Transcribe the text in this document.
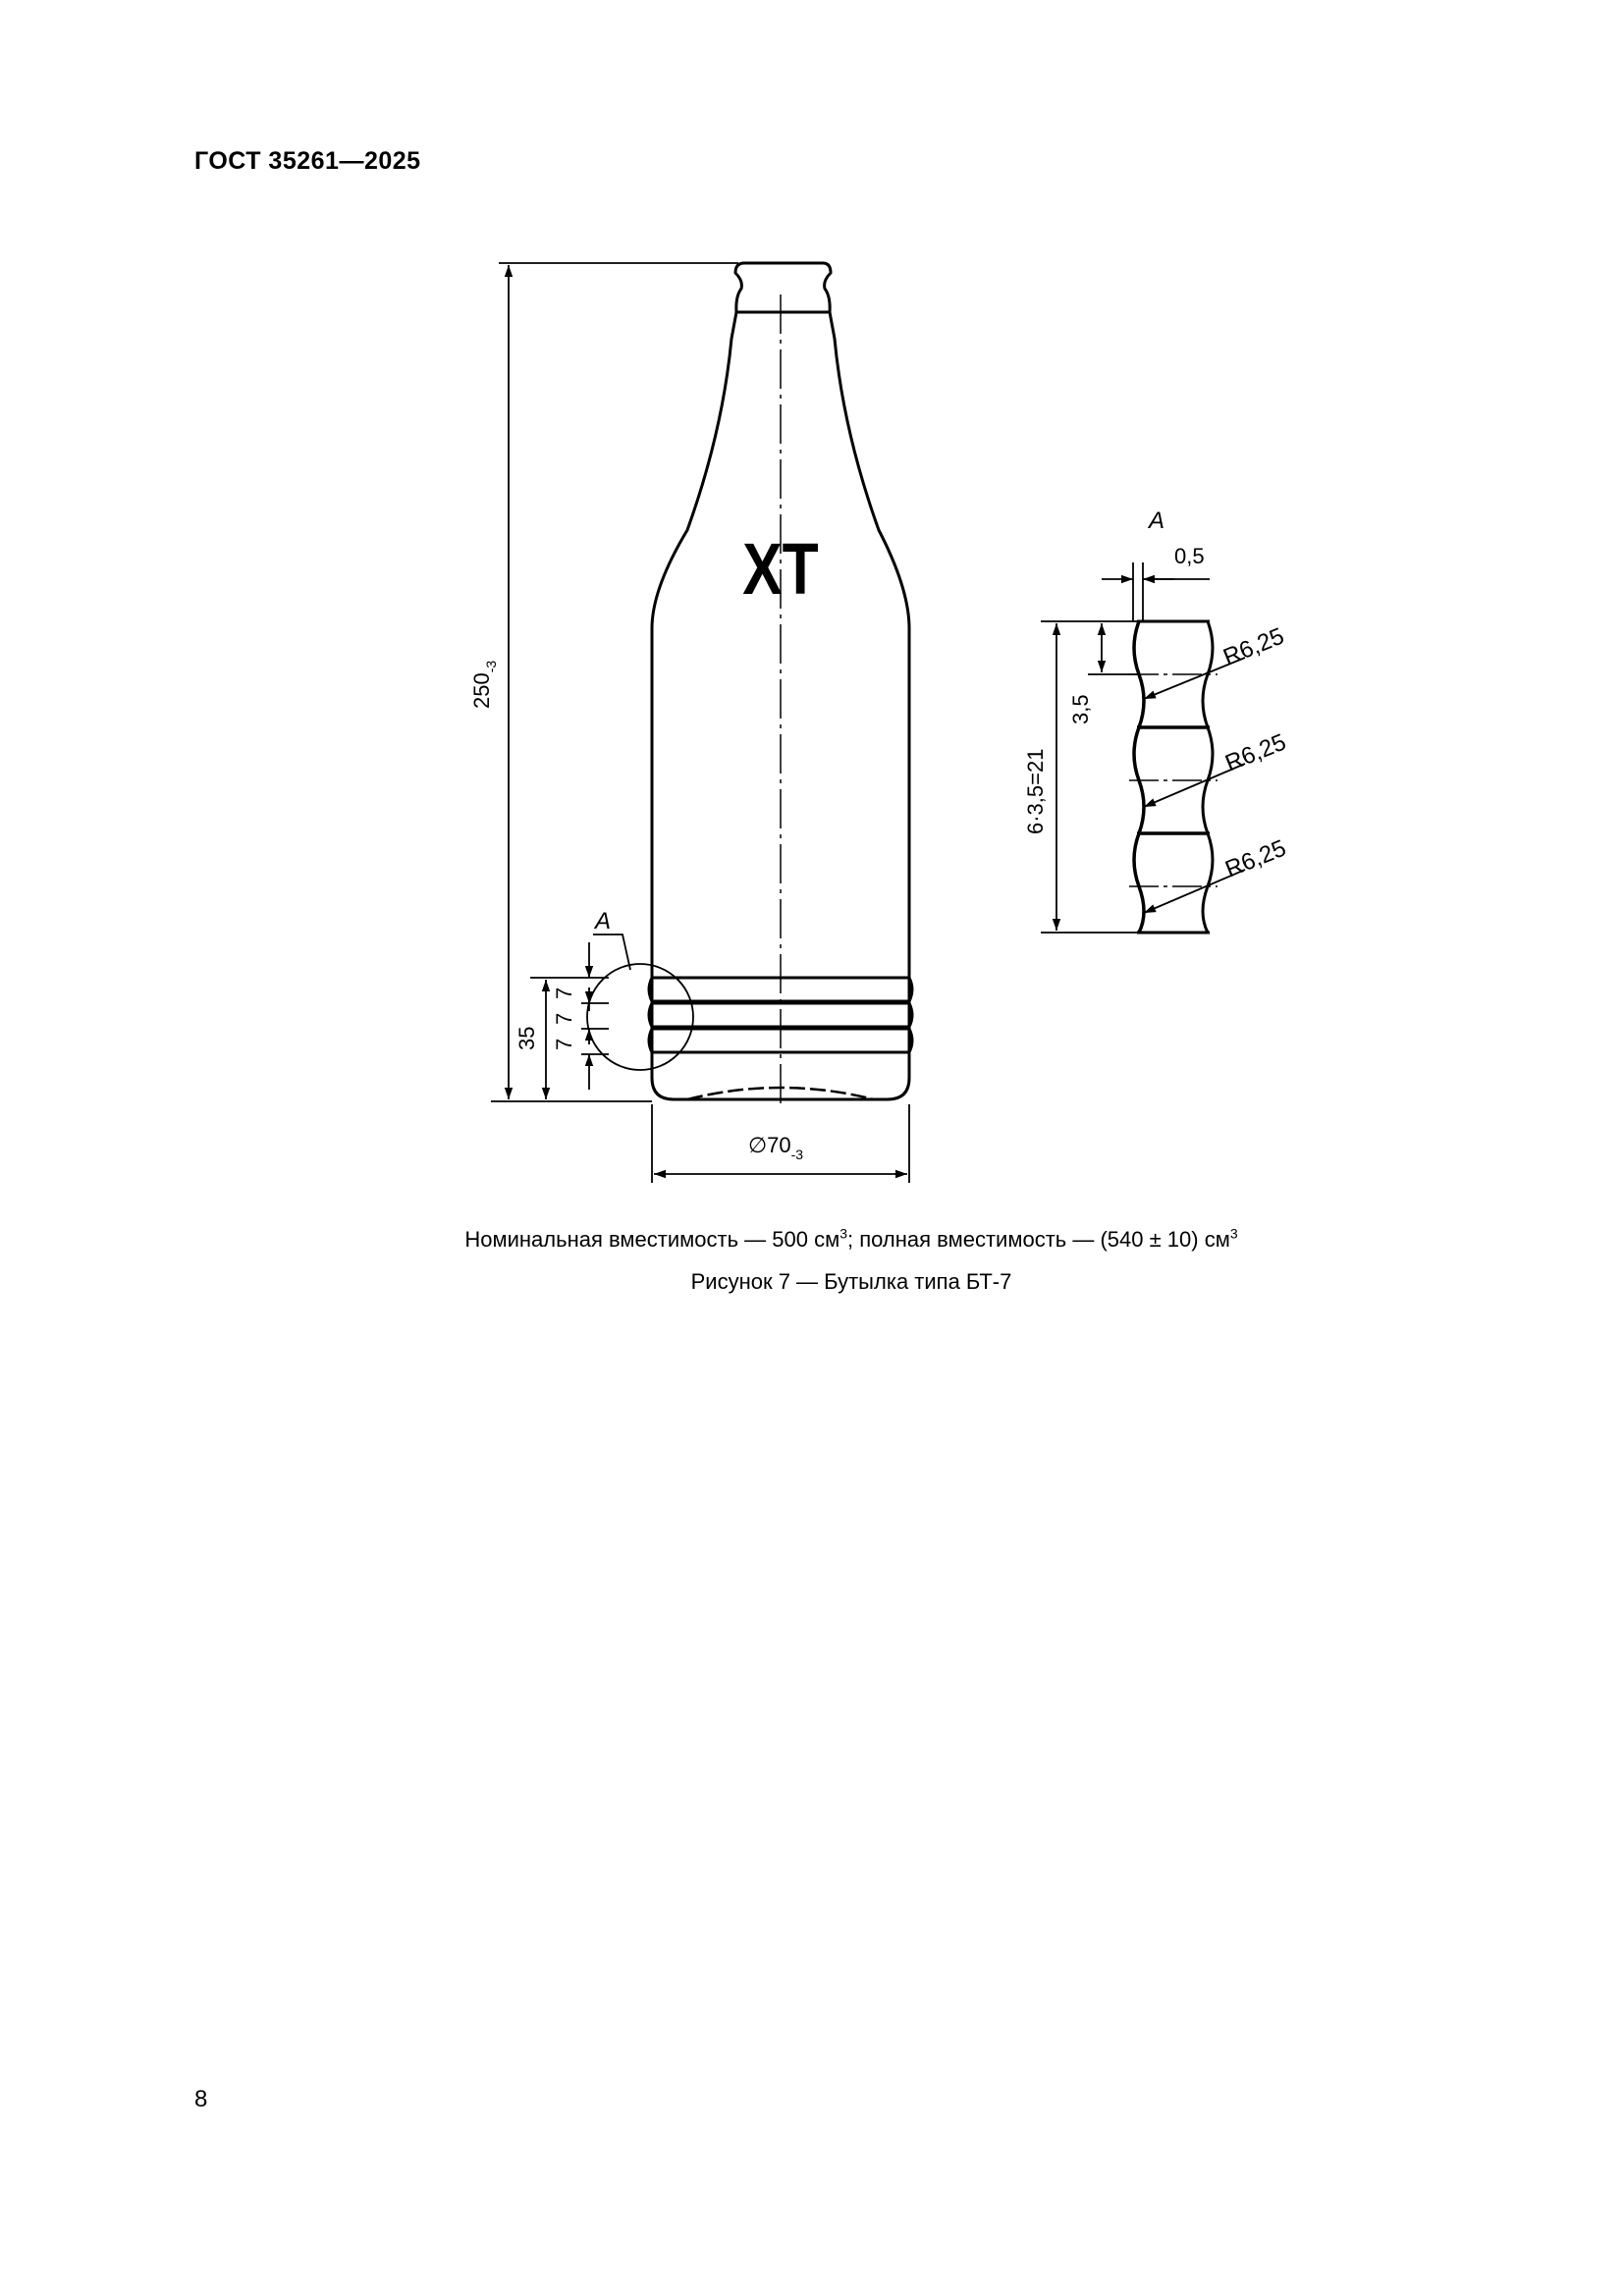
ГОСТ 35261—2025
ХТ
$250_{-3}$
35
7
7
7
A
$\emptyset 70_{-3}$
A
0,5
3,5
6·3,5=21
R6,25
R6,25
R6,25
Номинальная вместимость — 500 $см^3$; полная вместимость — (540 ± 10) $см^3$
Рисунок 7 — Бутылка типа БТ-7
8
